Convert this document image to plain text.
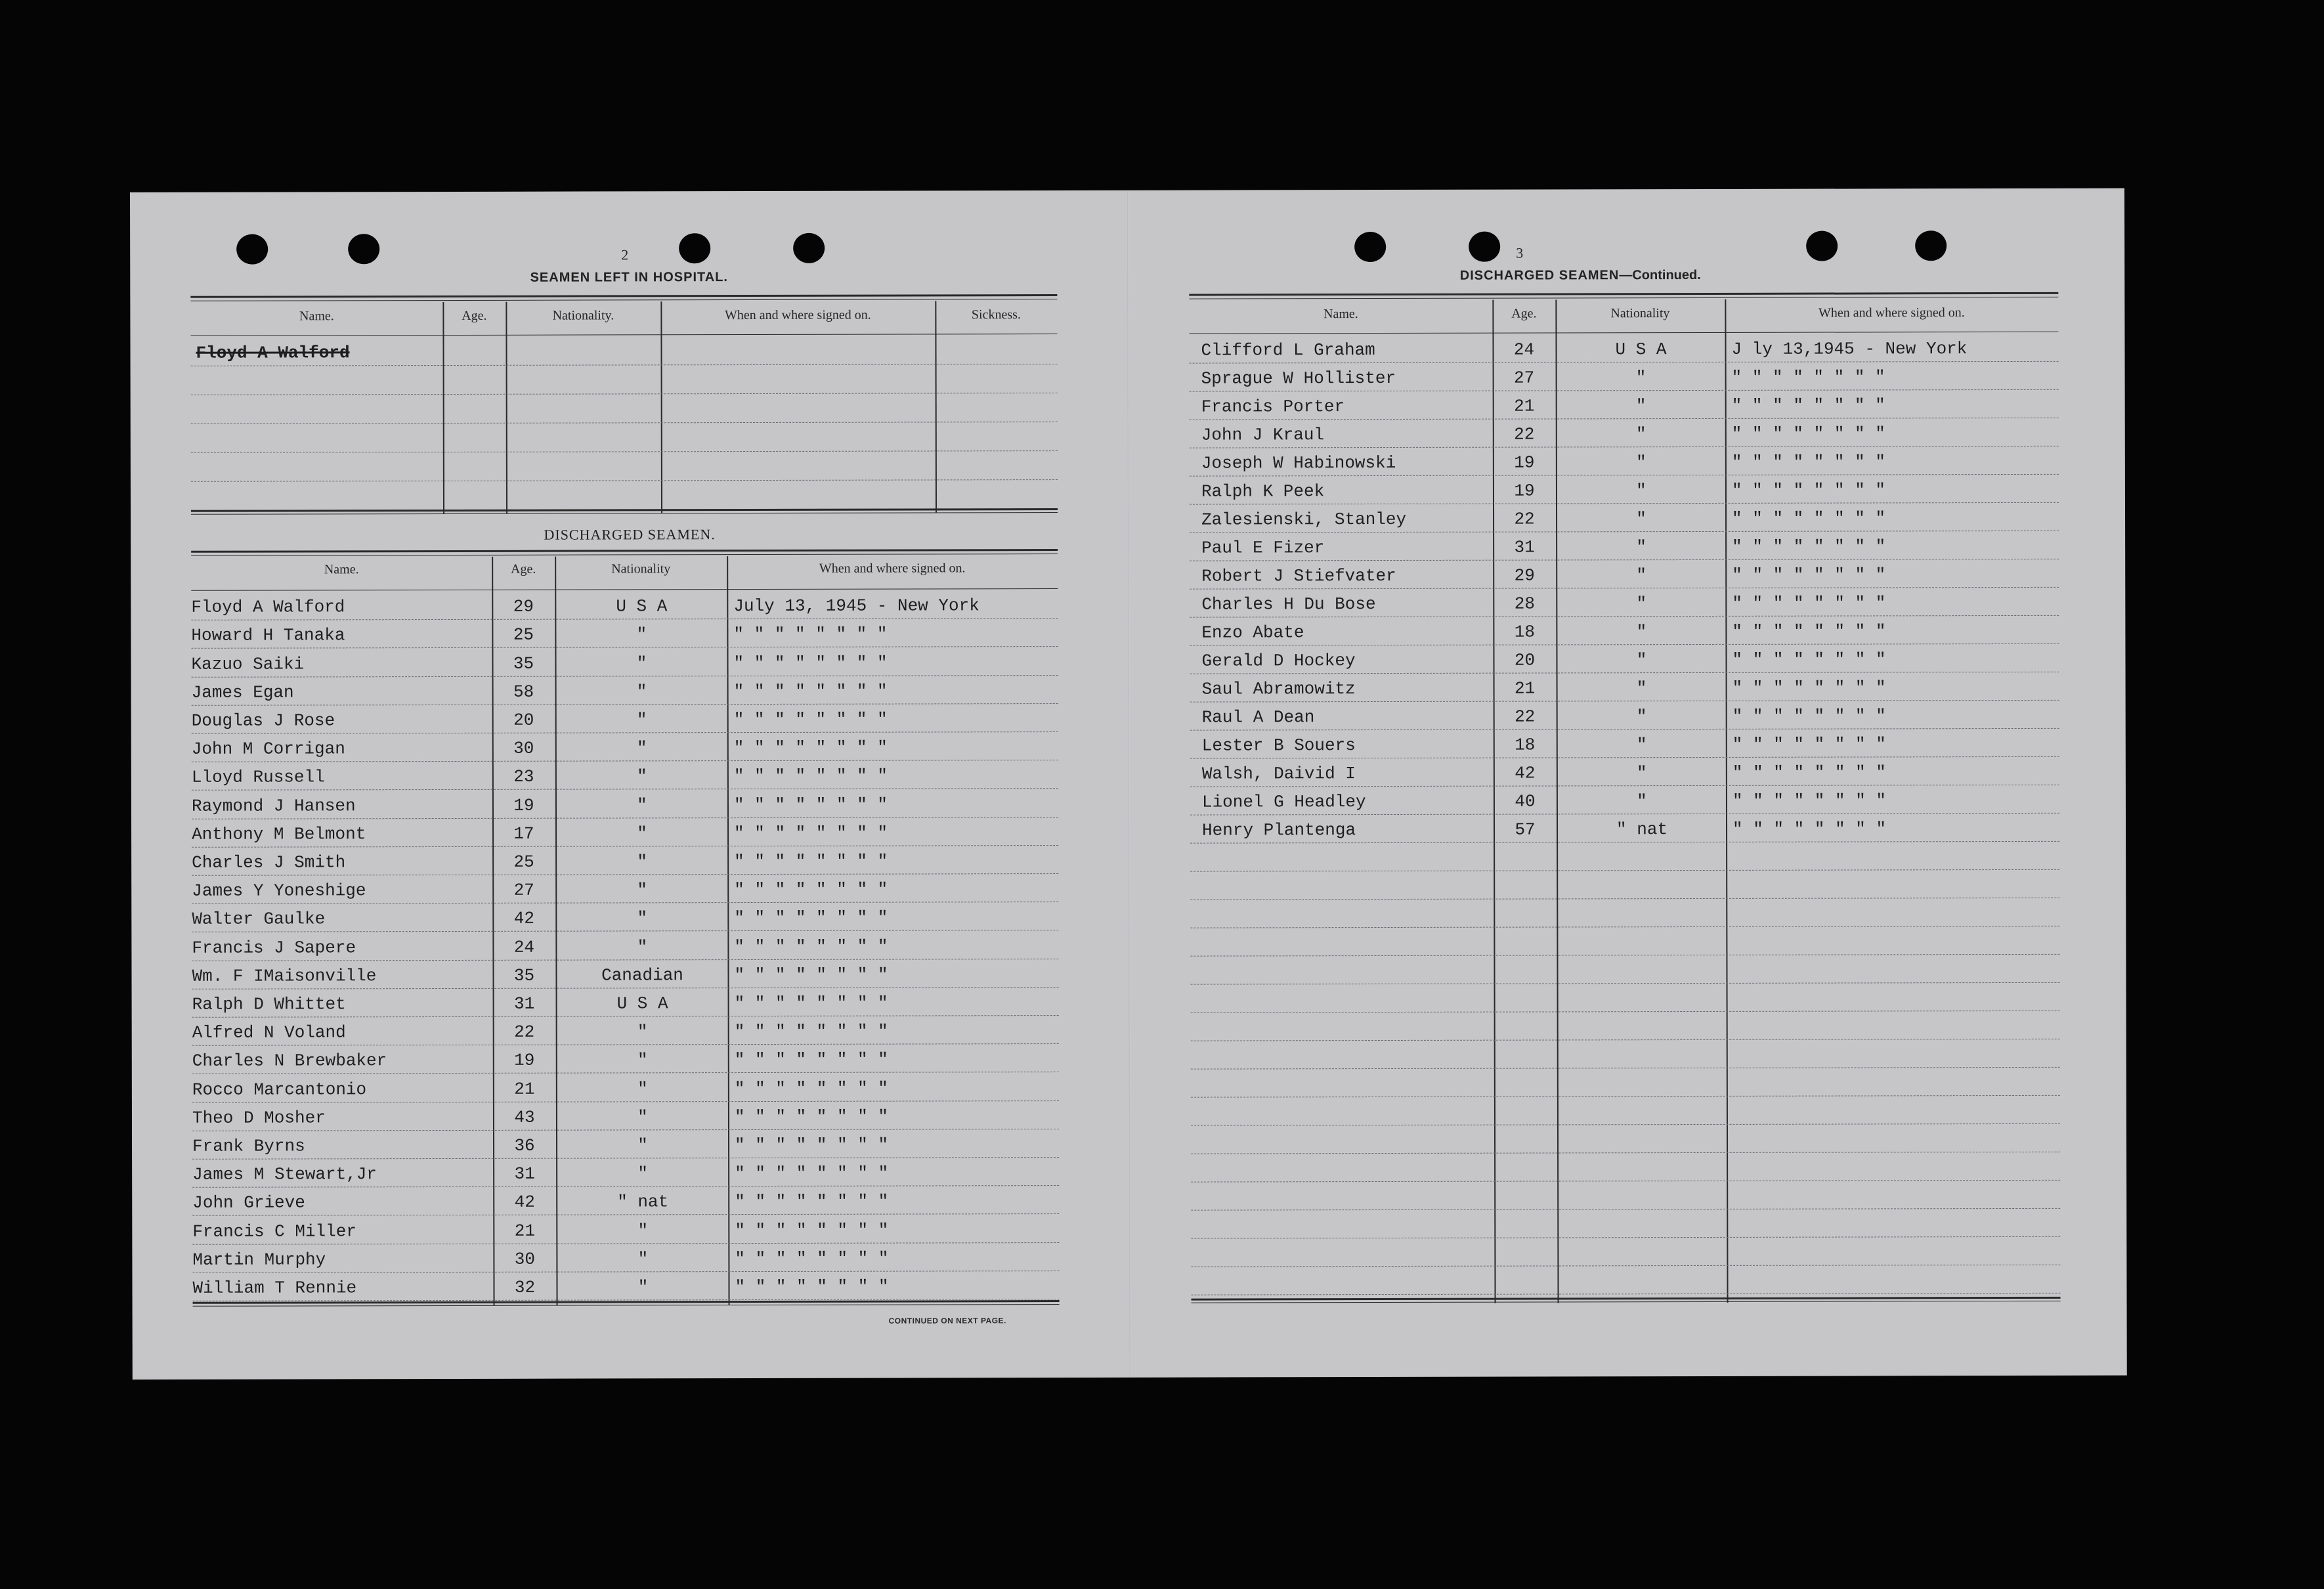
2
SEAMEN LEFT IN HOSPITAL.
Name.	Age.	Nationality.	When and where signed on.	Sickness.
Floyd A Walford
DISCHARGED SEAMEN.
Name.	Age.	Nationality	When and where signed on.
Floyd A Walford	29	U S A	July 13, 1945 - New York
Howard H Tanaka	25	"	" " " " " " " "
Kazuo Saiki	35	"	" " " " " " " "
James Egan	58	"	" " " " " " " "
Douglas J Rose	20	"	" " " " " " " "
John M Corrigan	30	"	" " " " " " " "
Lloyd Russell	23	"	" " " " " " " "
Raymond J Hansen	19	"	" " " " " " " "
Anthony M Belmont	17	"	" " " " " " " "
Charles J Smith	25	"	" " " " " " " "
James Y Yoneshige	27	"	" " " " " " " "
Walter Gaulke	42	"	" " " " " " " "
Francis J Sapere	24	"	" " " " " " " "
Wm. F IMaisonville	35	Canadian	" " " " " " " "
Ralph D Whittet	31	U S A	" " " " " " " "
Alfred N Voland	22	"	" " " " " " " "
Charles N Brewbaker	19	"	" " " " " " " "
Rocco Marcantonio	21	"	" " " " " " " "
Theo D Mosher	43	"	" " " " " " " "
Frank Byrns	36	"	" " " " " " " "
James M Stewart,Jr	31	"	" " " " " " " "
John Grieve	42	" nat	" " " " " " " "
Francis C Miller	21	"	" " " " " " " "
Martin Murphy	30	"	" " " " " " " "
William T Rennie	32	"	" " " " " " " "
CONTINUED ON NEXT PAGE.
3
DISCHARGED SEAMEN—Continued.
Name.	Age.	Nationality	When and where signed on.
Clifford L Graham	24	U S A	J ly 13,1945 - New York
Sprague W Hollister	27	"	" " " " " " " "
Francis Porter	21	"	" " " " " " " "
John J Kraul	22	"	" " " " " " " "
Joseph W Habinowski	19	"	" " " " " " " "
Ralph K Peek	19	"	" " " " " " " "
Zalesienski, Stanley	22	"	" " " " " " " "
Paul E Fizer	31	"	" " " " " " " "
Robert J Stiefvater	29	"	" " " " " " " "
Charles H Du Bose	28	"	" " " " " " " "
Enzo Abate	18	"	" " " " " " " "
Gerald D Hockey	20	"	" " " " " " " "
Saul Abramowitz	21	"	" " " " " " " "
Raul A Dean	22	"	" " " " " " " "
Lester B Souers	18	"	" " " " " " " "
Walsh, Daivid I	42	"	" " " " " " " "
Lionel G Headley	40	"	" " " " " " " "
Henry Plantenga	57	" nat	" " " " " " " "
